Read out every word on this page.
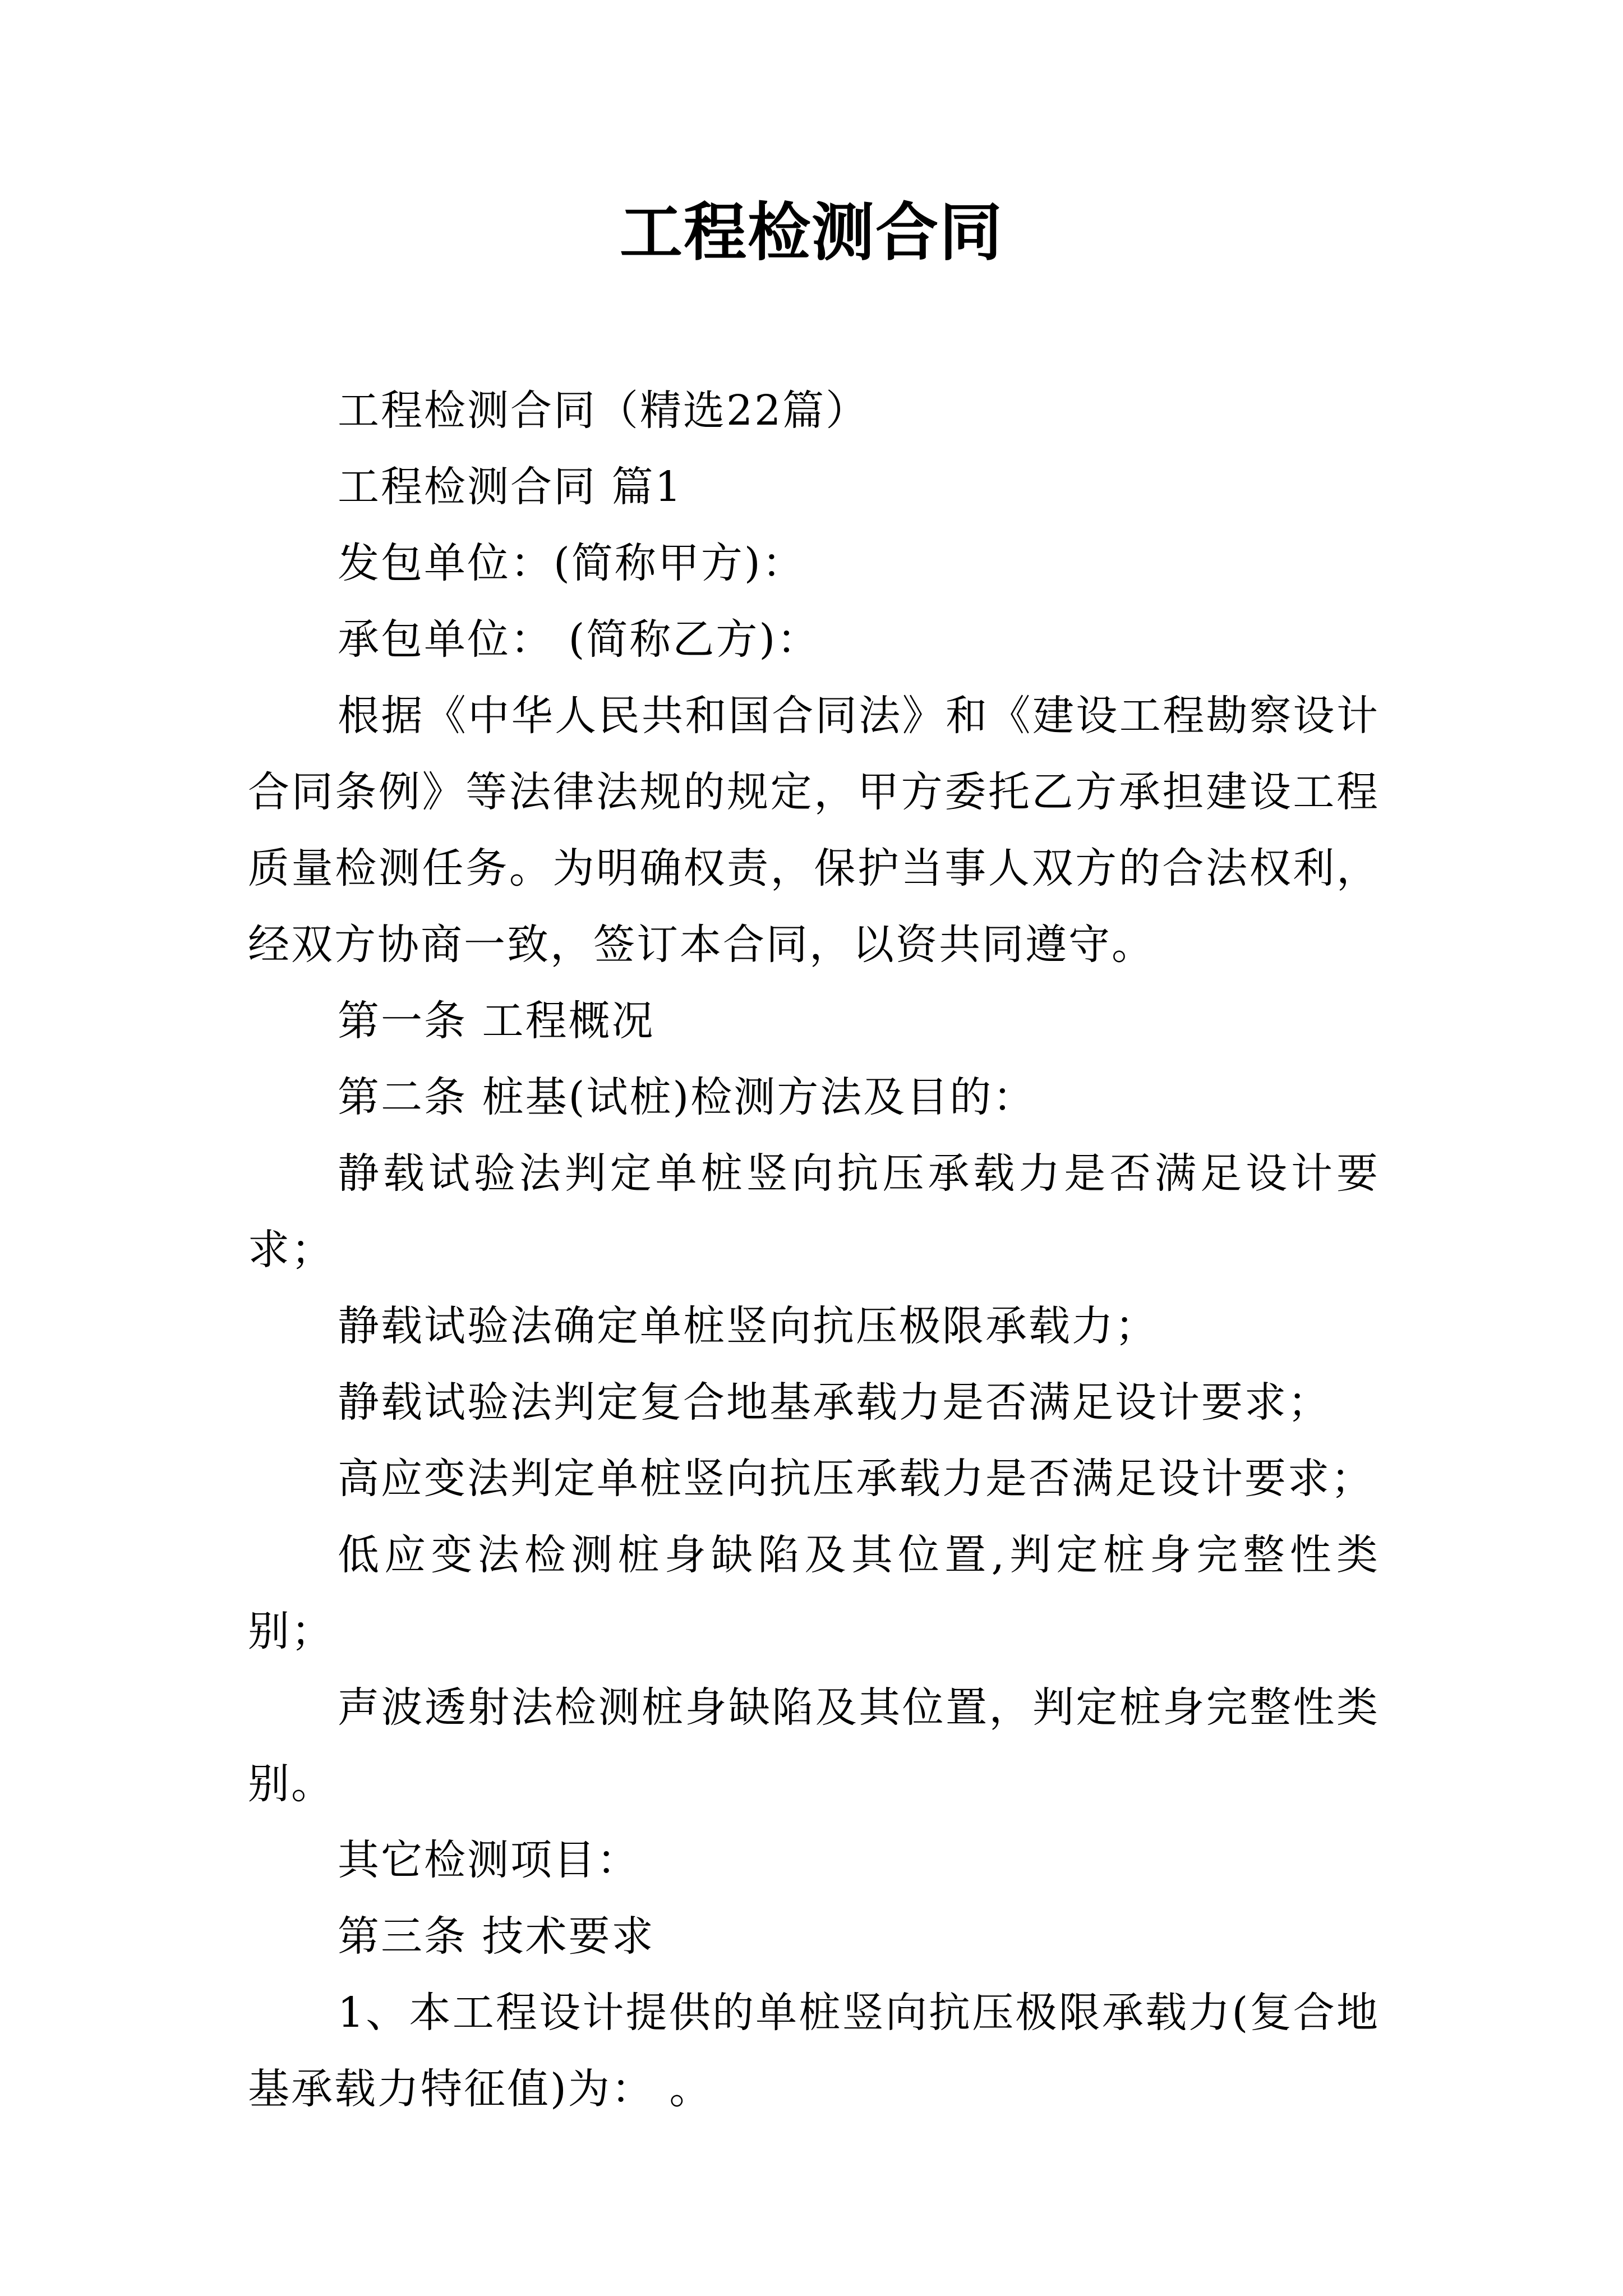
工程检测合同

工程检测合同（精选22篇）

工程检测合同 篇1

发包单位：(简称甲方)：

承包单位： (简称乙方)：

根据《中华人民共和国合同法》和《建设工程勘察设计合同条例》等法律法规的规定，甲方委托乙方承担建设工程质量检测任务。为明确权责，保护当事人双方的合法权利，经双方协商一致，签订本合同，以资共同遵守。

第一条 工程概况

第二条 桩基(试桩)检测方法及目的：

静载试验法判定单桩竖向抗压承载力是否满足设计要求；

静载试验法确定单桩竖向抗压极限承载力；

静载试验法判定复合地基承载力是否满足设计要求；

高应变法判定单桩竖向抗压承载力是否满足设计要求；

低应变法检测桩身缺陷及其位置,判定桩身完整性类别；

声波透射法检测桩身缺陷及其位置，判定桩身完整性类别。

其它检测项目：

第三条 技术要求

1、本工程设计提供的单桩竖向抗压极限承载力(复合地基承载力特征值)为： 。
